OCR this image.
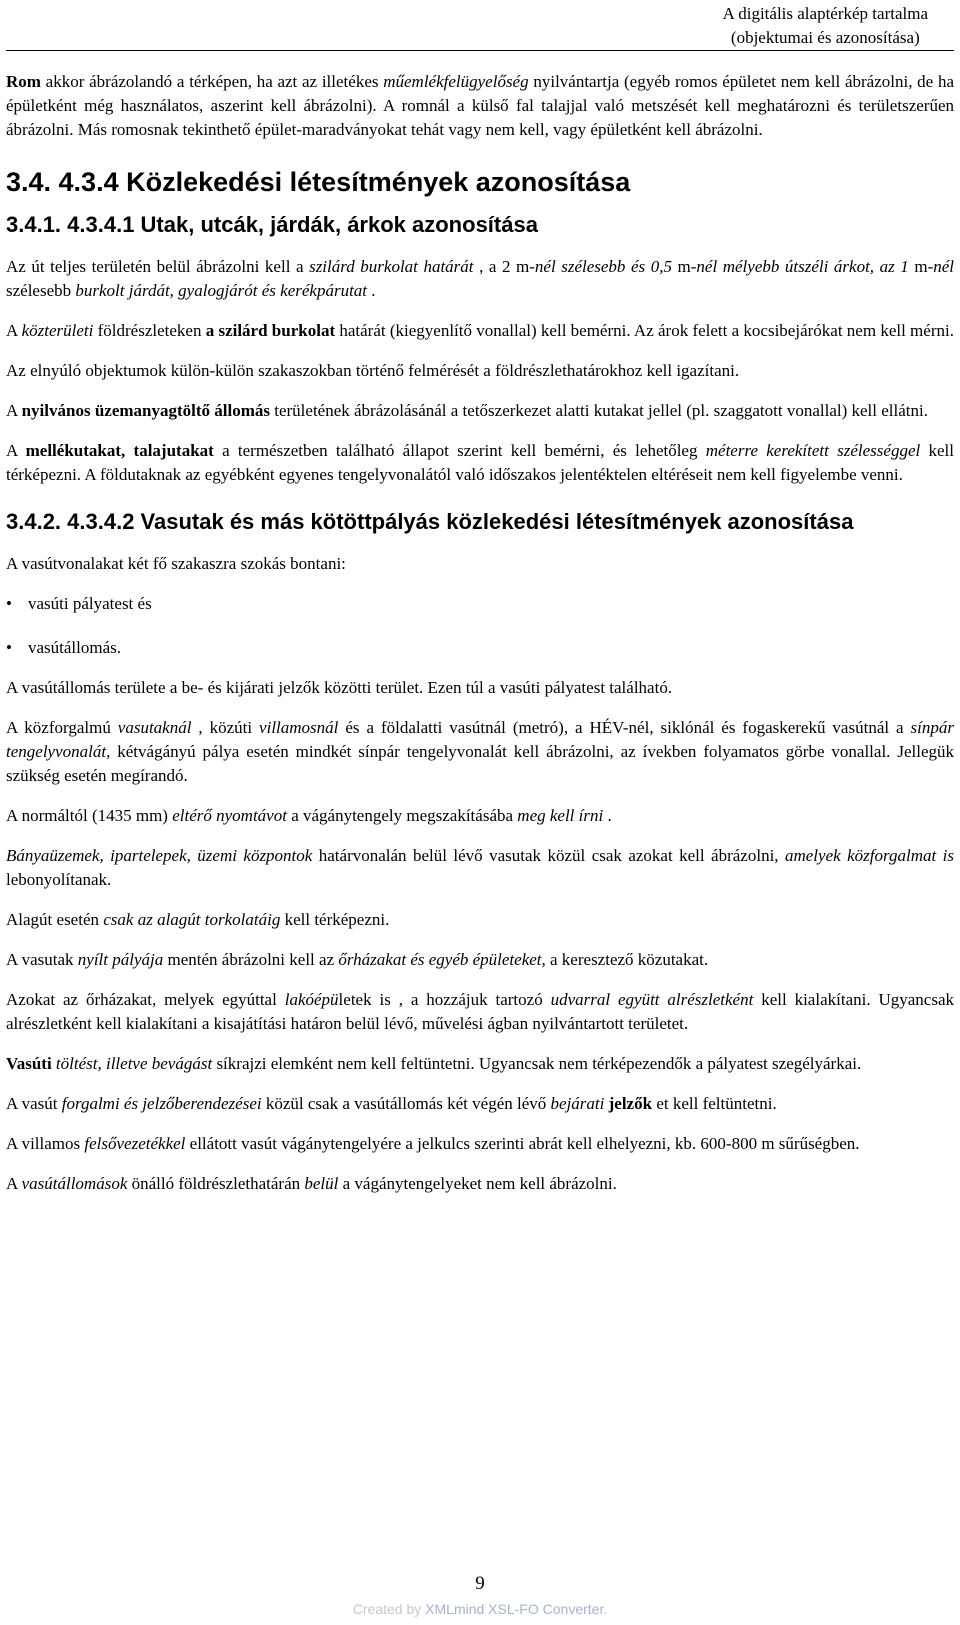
A digitális alaptérkép tartalma
(objektumai és azonosítása)

Rom akkor ábrázolandó a térképen, ha azt az illetékes műemlékfelügyelőség nyilvántartja (egyéb romos épületet nem kell ábrázolni, de ha épületként még használatos, aszerint kell ábrázolni). A romnál a külső fal talajjal való metszését kell meghatározni és területszerűen ábrázolni. Más romosnak tekinthető épület-maradványokat tehát vagy nem kell, vagy épületként kell ábrázolni.

3.4. 4.3.4 Közlekedési létesítmények azonosítása
3.4.1. 4.3.4.1 Utak, utcák, járdák, árkok azonosítása

Az út teljes területén belül ábrázolni kell a szilárd burkolat határát , a 2 m-nél szélesebb és 0,5 m-nél mélyebb útszéli árkot, az 1 m-nél szélesebb burkolt járdát, gyalogjárót és kerékpárutat .

A közterületi földrészleteken a szilárd burkolat határát (kiegyenlítő vonallal) kell bemérni. Az árok felett a kocsibejárókat nem kell mérni.

Az elnyúló objektumok külön-külön szakaszokban történő felmérését a földrészlethatárokhoz kell igazítani.

A nyilvános üzemanyagtöltő állomás területének ábrázolásánál a tetőszerkezet alatti kutakat jellel (pl. szaggatott vonallal) kell ellátni.

A mellékutakat, talajutakat a természetben található állapot szerint kell bemérni, és lehetőleg méterre kerekített szélességgel kell térképezni. A földutaknak az egyébként egyenes tengelyvonalától való időszakos jelentéktelen eltéréseit nem kell figyelembe venni.

3.4.2. 4.3.4.2 Vasutak és más kötöttpályás közlekedési létesítmények azonosítása

A vasútvonalakat két fő szakaszra szokás bontani:

• vasúti pályatest és
• vasútállomás.

A vasútállomás területe a be- és kijárati jelzők közötti terület. Ezen túl a vasúti pályatest található.

A közforgalmú vasutaknál , közúti villamosnál és a földalatti vasútnál (metró), a HÉV-nél, siklónál és fogaskerekű vasútnál a sínpár tengelyvonalát, kétvágányú pálya esetén mindkét sínpár tengelyvonalát kell ábrázolni, az ívekben folyamatos görbe vonallal. Jellegük szükség esetén megírandó.

A normáltól (1435 mm) eltérő nyomtávot a vágánytengely megszakításába meg kell írni .

Bányaüzemek, ipartelepek, üzemi központok határvonalán belül lévő vasutak közül csak azokat kell ábrázolni, amelyek közforgalmat is lebonyolítanak.

Alagút esetén csak az alagút torkolatáig kell térképezni.

A vasutak nyílt pályája mentén ábrázolni kell az őrházakat és egyéb épületeket, a keresztező közutakat.

Azokat az őrházakat, melyek egyúttal lakóépületek is , a hozzájuk tartozó udvarral együtt alrészletként kell kialakítani. Ugyancsak alrészletként kell kialakítani a kisajátítási határon belül lévő, művelési ágban nyilvántartott területet.

Vasúti töltést, illetve bevágást síkrajzi elemként nem kell feltüntetni. Ugyancsak nem térképezendők a pályatest szegélyárkai.

A vasút forgalmi és jelzőberendezései közül csak a vasútállomás két végén lévő bejárati jelzők et kell feltüntetni.

A villamos felsővezetékkel ellátott vasút vágánytengelyére a jelkulcs szerinti abrát kell elhelyezni, kb. 600-800 m sűrűségben.

A vasútállomások önálló földrészlethatárán belül a vágánytengelyeket nem kell ábrázolni.

9
Created by XMLmind XSL-FO Converter.
